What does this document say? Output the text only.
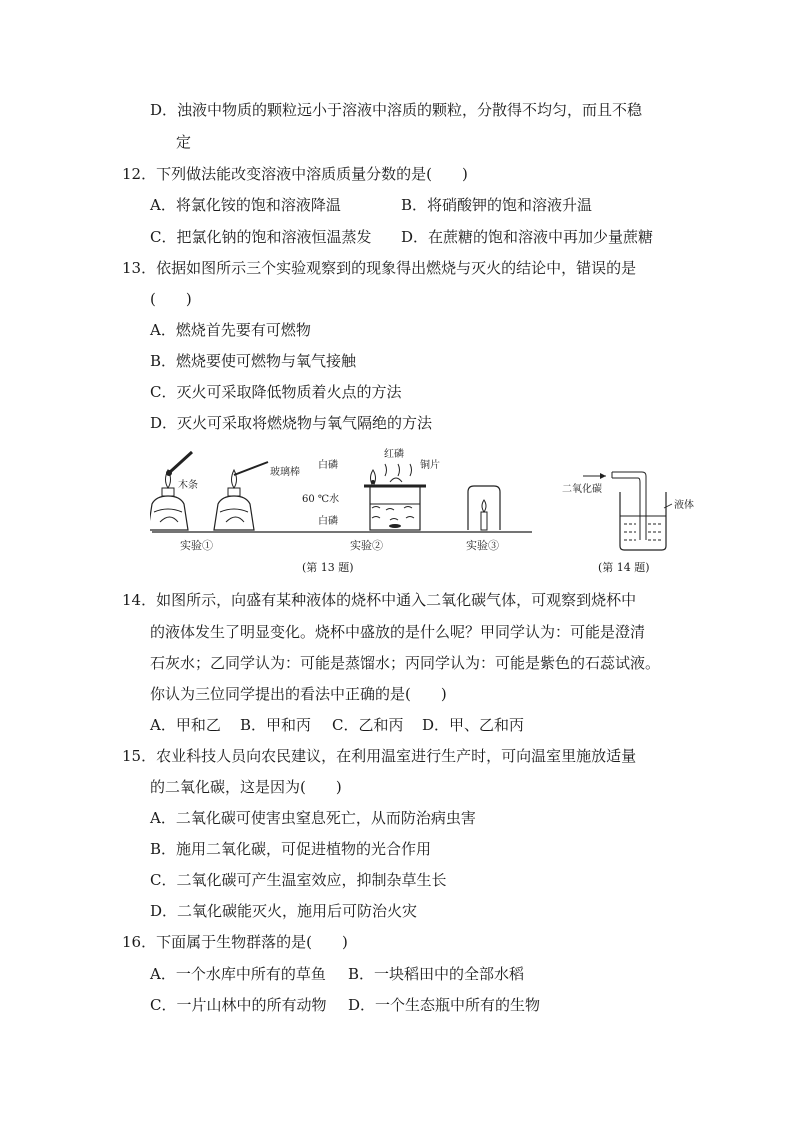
D．浊液中物质的颗粒远小于溶液中溶质的颗粒，分散得不均匀，而且不稳
定
12．下列做法能改变溶液中溶质质量分数的是(　　)
A．将氯化铵的饱和溶液降温	B．将硝酸钾的饱和溶液升温
C．把氯化钠的饱和溶液恒温蒸发 D．在蔗糖的饱和溶液中再加少量蔗糖
13．依据如图所示三个实验观察到的现象得出燃烧与灭火的结论中，错误的是
(　　)
A．燃烧首先要有可燃物
B．燃烧要使可燃物与氧气接触
C．灭火可采取降低物质着火点的方法
D．灭火可采取将燃烧物与氧气隔绝的方法
木条
玻璃棒
白磷
红磷
铜片
60 ℃水
白磷
二氧化碳
液体
实验①	实验②	实验③
(第 13 题)	(第 14 题)
14．如图所示，向盛有某种液体的烧杯中通入二氧化碳气体，可观察到烧杯中
的液体发生了明显变化。烧杯中盛放的是什么呢？甲同学认为：可能是澄清
石灰水；乙同学认为：可能是蒸馏水；丙同学认为：可能是紫色的石蕊试液。
你认为三位同学提出的看法中正确的是(　　)
A．甲和乙 B．甲和丙 C．乙和丙 D．甲、乙和丙
15．农业科技人员向农民建议，在利用温室进行生产时，可向温室里施放适量
的二氧化碳，这是因为(　　)
A．二氧化碳可使害虫窒息死亡，从而防治病虫害
B．施用二氧化碳，可促进植物的光合作用
C．二氧化碳可产生温室效应，抑制杂草生长
D．二氧化碳能灭火，施用后可防治火灾
16．下面属于生物群落的是(　　)
A．一个水库中所有的草鱼 B．一块稻田中的全部水稻
C．一片山林中的所有动物 D．一个生态瓶中所有的生物
